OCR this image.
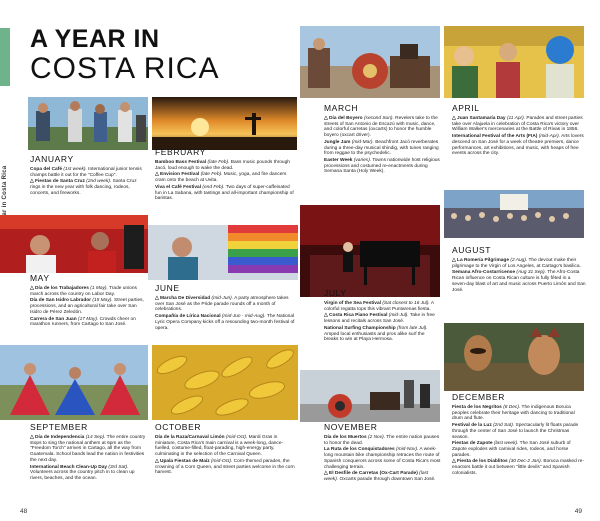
A YEAR IN
COSTA RICA
JANUARY
Copa del Café (1st week). International junior tennis champs battle it out for the "Coffee Cup".
△ Fiestas de Santa Cruz (2nd week). Santa Cruz rings in the new year with folk dancing, rodeos, concerts, and fireworks.
FEBRUARY
Bamboo Bass Festival (late Feb). Bass music pounds through Jacó, loud enough to wake the dead.
△ Envision Festival (late Feb). Music, yoga, and fire dancers cram onto the beach at Uvita.
Viva el Café Festival (end Feb). Two days of super-caffeinated fun in La Sabana, with tastings and all-important championship of baristas.
MARCH
△ Día del Boyero (second Sun). Revelers take to the streets of San Antonio de Escazú with music, dance, and colorful carretas (oxcarts) to honor the humble boyero (oxcart driver).
Jungle Jam (mid-Mar). Beachfront Jacó reverberates during a three-day musical shindig, with tunes ranging from reggae to the psychedelic.
Easter Week (varies). Towns nationwide host religious processions and costumed re-enactments during Semana Santa (Holy Week).
APRIL
△ Juan Santamaría Day (11 Apr). Parades and street parties take over Alajuela in celebration of Costa Rica's victory over William Walker's mercenaries at the Battle of Rivas in 1856.
International Festival of the Arts (FIA) (mid-Apr). Arts lovers descend on San José for a week of theatre premiers, dance performances, art exhibitions, and music, with heaps of free events across the city.
MAY
△ Día de los Trabajadores (1 May). Trade unions march across the country on Labor Day.
Día de San Isidro Labrador (15 May). Street parties, processions, and an agricultural fair take over San Isidro de Pérez Zeledón.
Carrera de San Juan (17 May). Crowds cheer on marathon runners, from Cartago to San José.
JUNE
△ Marcha De Diversidad (mid-Jun). A party atmosphere takes over San José as the Pride parade rounds off a month of celebrations.
Compañía de Lírica Nacional (mid-Jun - mid-Aug). The National Lyric Opera Company kicks off a resounding two-month festival of opera.
JULY
Virgin of the Sea Festival (Sat closest to 16 Jul). A colorful regatta tops this vibrant Puntarenas fiesta.
△ Costa Rica Piano Festival (mid-Jul). Take in free lessons and recitals across San José.
National Surfing Championship (from late Jul). Amped local enthusiasts and pros alike surf the breaks to win at Playa Hermosa.
AUGUST
△ La Romería Pilgrimage (2 Aug). The devout make their pilgrimage to the Virgin of Los Angeles, at Cartago's basilica.
Semana Afro-Costarricense (Aug 31 Sep). The Afro-Costa Rican influence on Costa Rican culture is fully fêted in a seven-day blast of art and music across Puerto Limón and San José.
SEPTEMBER
△ Día de Independencia (14 Sep). The entire country stops to sing the national anthem at 6pm as the "Freedom Torch" arrives in Cartago, all the way from Guatemala. School bands lead the nation in festivities the next day.
International Beach Clean-Up Day (3rd Sat). Volunteers across the country pitch in to clean up rivers, beaches, and the ocean.
OCTOBER
Día de la Raza/Carnaval Limón (mid-Oct). Mardi Gras in miniature, Costa Rica's main carnival is a week-long, dance-fuelled, costume-filled, float-parading, high-energy party, culminating in the selection of the Carnival Queen.
△ Upala Fiestas de Maíz (mid-Oct). Corn-themed parades, the crowning of a Corn Queen, and street parties welcome in the corn harvest.
NOVEMBER
Día de los Muertos (2 Nov). The entire nation pauses to honor the dead.
La Ruta de los Conquistadores (mid-Nov). A week-long mountain bike championship retraces the route of Spanish conquerors across some of Costa Rica's most challenging terrain.
△ El Desfile de Carretas (Ox-Cart Parade) (last week). Oxcarts parade through downtown San José.
DECEMBER
Fiesta de los Negritos (8 Dec). The indigenous Boruca peoples celebrate their heritage with dancing to traditional drum and flute.
Festival de la Luz (2nd Sat). Spectacularly lit floats parade through the center of San José to launch the Christmas season.
Fiestas de Zapote (last week). The San José suburb of Zapote explodes with carnival rides, rodeos, and horse parades.
△ Fiesta de los Diablitos (30 Dec-2 Jan). Boruca masked re-enactors battle it out between "little devils" and Spanish colonialists.
48	49
